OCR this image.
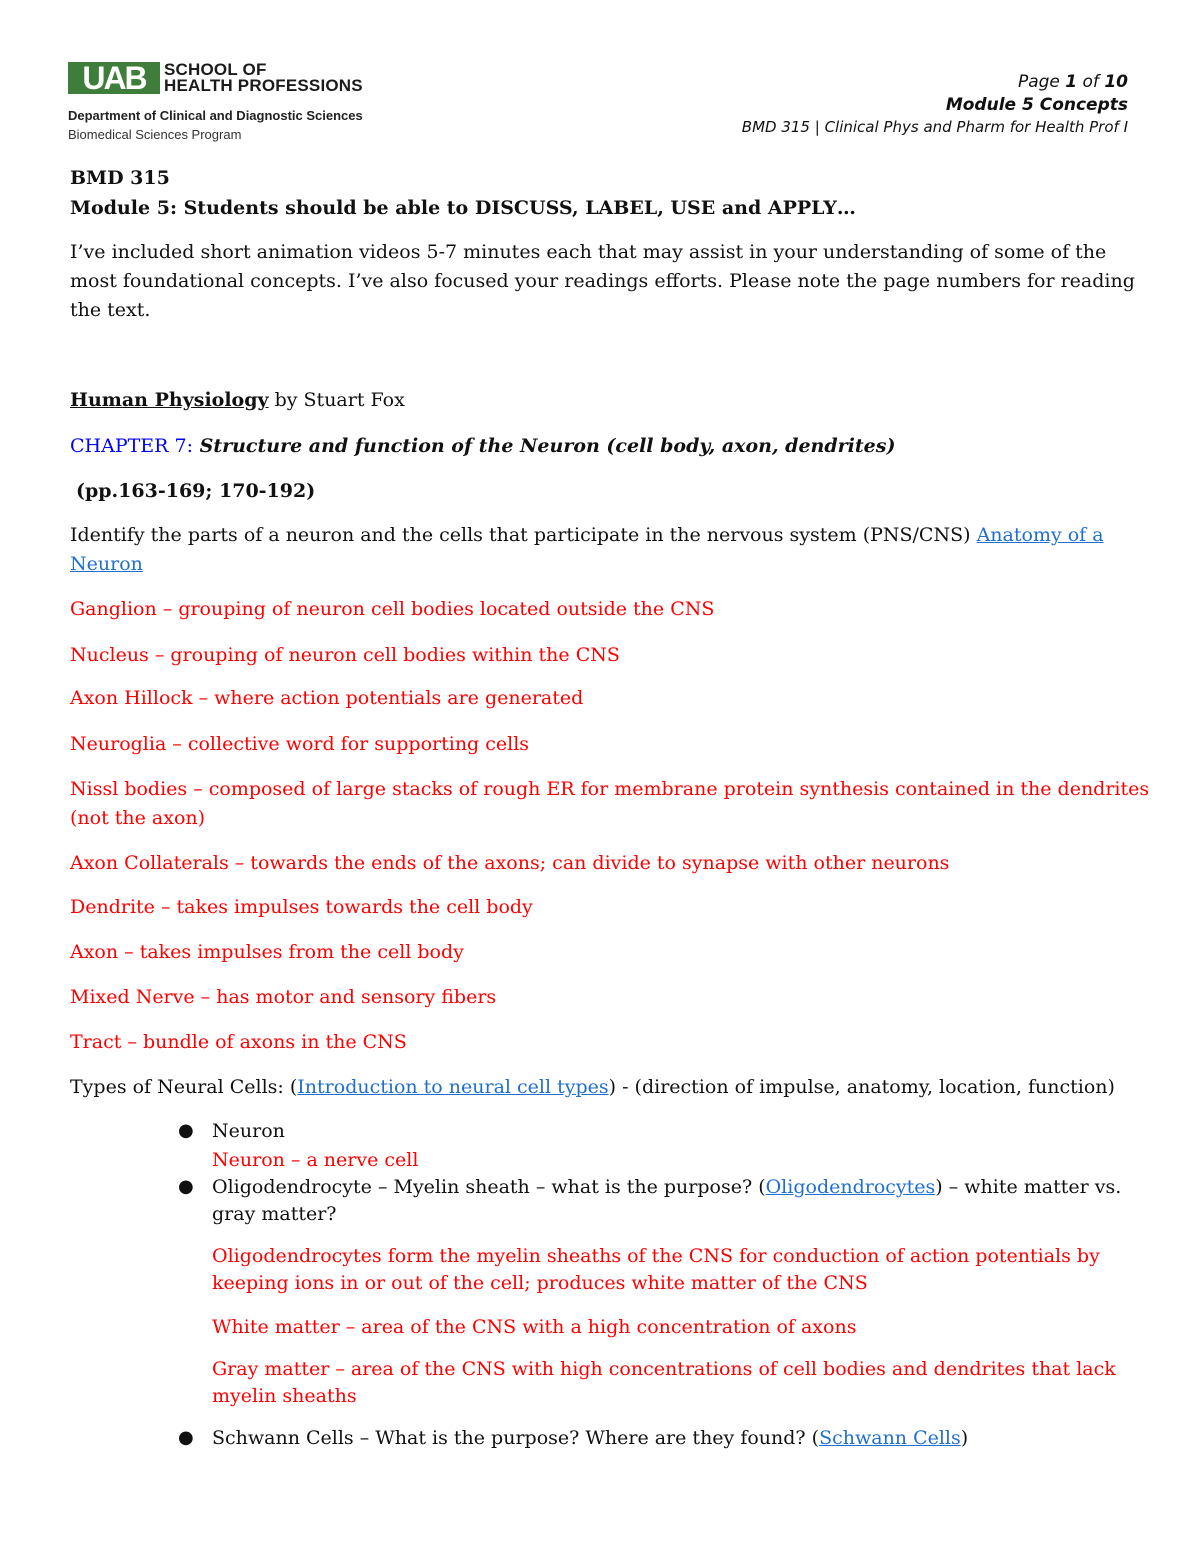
UAB SCHOOL OF
HEALTH PROFESSIONS
Department of Clinical and Diagnostic Sciences
Biomedical Sciences Program
Page 1 of 10
Module 5 Concepts
BMD 315 | Clinical Phys and Pharm for Health Prof I
BMD 315
Module 5: Students should be able to DISCUSS, LABEL, USE and APPLY…
I’ve included short animation videos 5-7 minutes each that may assist in your understanding of some of the
most foundational concepts. I’ve also focused your readings efforts. Please note the page numbers for reading
the text.
Human Physiology by Stuart Fox
CHAPTER 7: Structure and function of the Neuron (cell body, axon, dendrites)
(pp.163-169; 170-192)
Identify the parts of a neuron and the cells that participate in the nervous system (PNS/CNS) Anatomy of a
Neuron
Ganglion – grouping of neuron cell bodies located outside the CNS
Nucleus – grouping of neuron cell bodies within the CNS
Axon Hillock – where action potentials are generated
Neuroglia – collective word for supporting cells
Nissl bodies – composed of large stacks of rough ER for membrane protein synthesis contained in the dendrites
(not the axon)
Axon Collaterals – towards the ends of the axons; can divide to synapse with other neurons
Dendrite – takes impulses towards the cell body
Axon – takes impulses from the cell body
Mixed Nerve – has motor and sensory fibers
Tract – bundle of axons in the CNS
Types of Neural Cells: (Introduction to neural cell types) - (direction of impulse, anatomy, location, function)
● Neuron
Neuron – a nerve cell
● Oligodendrocyte – Myelin sheath – what is the purpose? (Oligodendrocytes) – white matter vs.
gray matter?
Oligodendrocytes form the myelin sheaths of the CNS for conduction of action potentials by
keeping ions in or out of the cell; produces white matter of the CNS
White matter – area of the CNS with a high concentration of axons
Gray matter – area of the CNS with high concentrations of cell bodies and dendrites that lack
myelin sheaths
● Schwann Cells – What is the purpose? Where are they found? (Schwann Cells)
